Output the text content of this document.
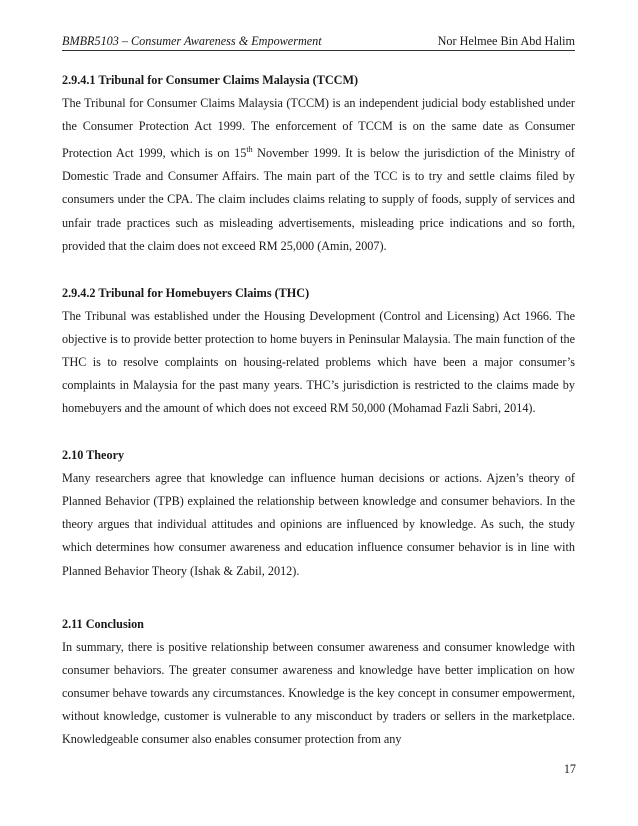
BMBR5103 – Consumer Awareness & Empowerment	Nor Helmee Bin Abd Halim
2.9.4.1 Tribunal for Consumer Claims Malaysia (TCCM)
The Tribunal for Consumer Claims Malaysia (TCCM) is an independent judicial body established under the Consumer Protection Act 1999. The enforcement of TCCM is on the same date as Consumer Protection Act 1999, which is on 15th November 1999. It is below the jurisdiction of the Ministry of Domestic Trade and Consumer Affairs. The main part of the TCC is to try and settle claims filed by consumers under the CPA. The claim includes claims relating to supply of foods, supply of services and unfair trade practices such as misleading advertisements, misleading price indications and so forth, provided that the claim does not exceed RM 25,000 (Amin, 2007).
2.9.4.2 Tribunal for Homebuyers Claims (THC)
The Tribunal was established under the Housing Development (Control and Licensing) Act 1966. The objective is to provide better protection to home buyers in Peninsular Malaysia. The main function of the THC is to resolve complaints on housing-related problems which have been a major consumer’s complaints in Malaysia for the past many years. THC’s jurisdiction is restricted to the claims made by homebuyers and the amount of which does not exceed RM 50,000 (Mohamad Fazli Sabri, 2014).
2.10 Theory
Many researchers agree that knowledge can influence human decisions or actions. Ajzen’s theory of Planned Behavior (TPB) explained the relationship between knowledge and consumer behaviors. In the theory argues that individual attitudes and opinions are influenced by knowledge. As such, the study which determines how consumer awareness and education influence consumer behavior is in line with Planned Behavior Theory (Ishak & Zabil, 2012).
2.11 Conclusion
In summary, there is positive relationship between consumer awareness and consumer knowledge with consumer behaviors. The greater consumer awareness and knowledge have better implication on how consumer behave towards any circumstances. Knowledge is the key concept in consumer empowerment, without knowledge, customer is vulnerable to any misconduct by traders or sellers in the marketplace. Knowledgeable consumer also enables consumer protection from any
17
